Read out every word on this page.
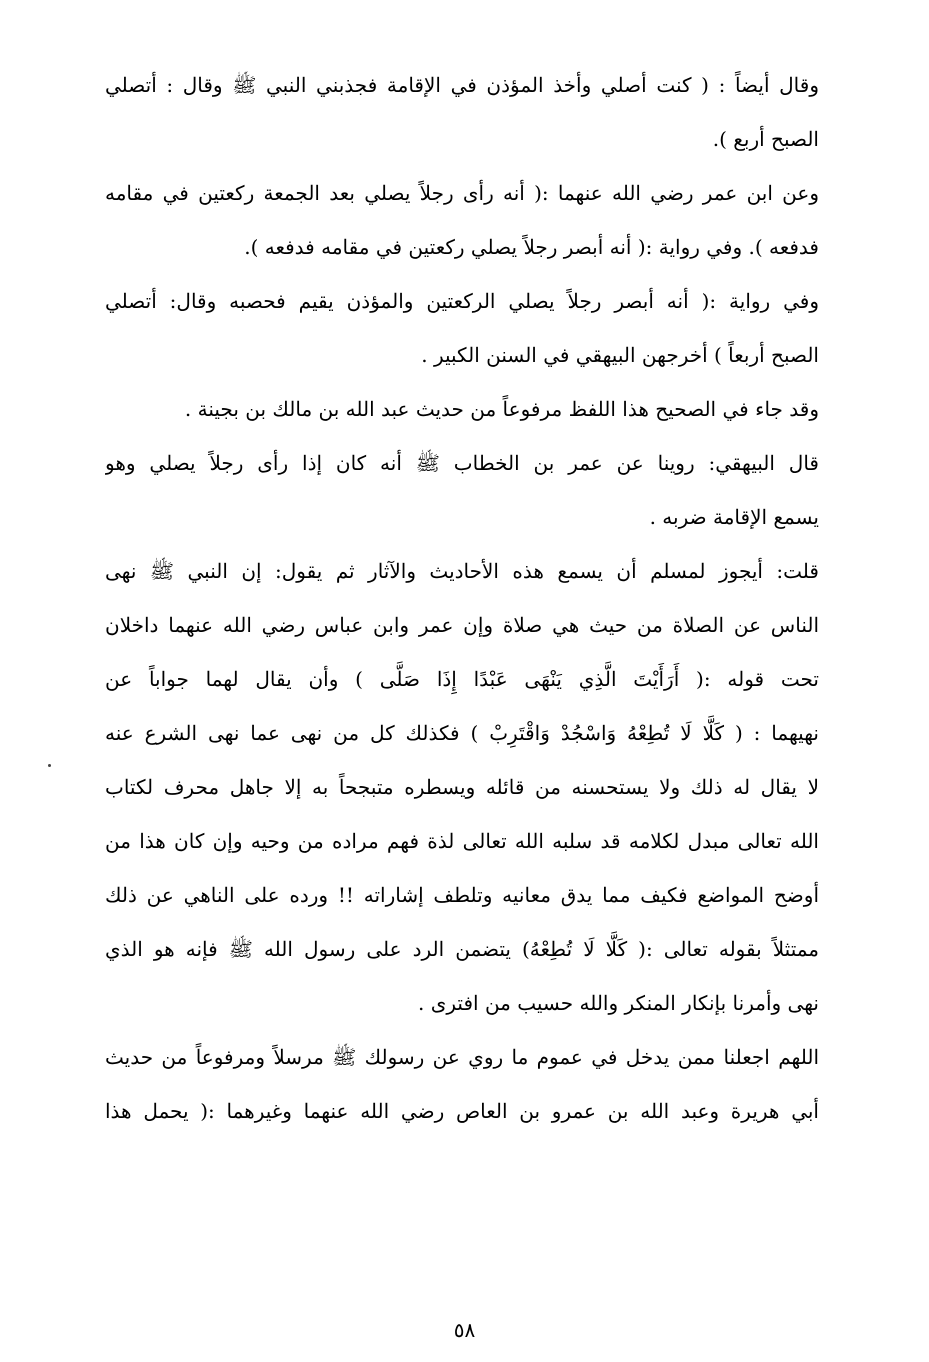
وقال أيضاً : ( كنت أصلي وأخذ المؤذن في الإقامة فجذبني النبي ﷺ وقال : أتصلي
الصبح أربع ).
وعن ابن عمر رضي الله عنهما :( أنه رأى رجلاً يصلي بعد الجمعة ركعتين في مقامه
فدفعه ). وفي رواية :( أنه أبصر رجلاً يصلي ركعتين في مقامه فدفعه ).
وفي رواية :( أنه أبصر رجلاً يصلي الركعتين والمؤذن يقيم فحصبه وقال: أتصلي
الصبح أربعاً ) أخرجهن البيهقي في السنن الكبير .
وقد جاء في الصحيح هذا اللفظ مرفوعاً من حديث عبد الله بن مالك بن بجينة .
قال البيهقي: روينا عن عمر بن الخطاب ﷺ أنه كان إذا رأى رجلاً يصلي وهو
يسمع الإقامة ضربه .
قلت: أيجوز لمسلم أن يسمع هذه الأحاديث والآثار ثم يقول: إن النبي ﷺ نهى
الناس عن الصلاة من حيث هي صلاة وإن عمر وابن عباس رضي الله عنهما داخلان
تحت قوله :( أَرَأَيْتَ الَّذِي يَنْهَى عَبْدًا إِذَا صَلَّى ) وأن يقال لهما جواباً عن
نهيهما : ( كَلَّا لَا تُطِعْهُ وَاسْجُدْ وَاقْتَرِبْ ) فكذلك كل من نهى عما نهى الشرع عنه
لا يقال له ذلك ولا يستحسنه من قائله ويسطره متبجحاً به إلا جاهل محرف لكتاب
الله تعالى مبدل لكلامه قد سلبه الله تعالى لذة فهم مراده من وحيه وإن كان هذا من
أوضح المواضع فكيف مما يدق معانيه وتلطف إشاراته !! ورده على الناهي عن ذلك
ممتثلاً بقوله تعالى :( كَلَّا لَا تُطِعْهُ) يتضمن الرد على رسول الله ﷺ فإنه هو الذي
نهى وأمرنا بإنكار المنكر والله حسيب من افترى .
اللهم اجعلنا ممن يدخل في عموم ما روي عن رسولك ﷺ مرسلاً ومرفوعاً من حديث
أبي هريرة وعبد الله بن عمرو بن العاص رضي الله عنهما وغيرهما :( يحمل هذا
٥٨
